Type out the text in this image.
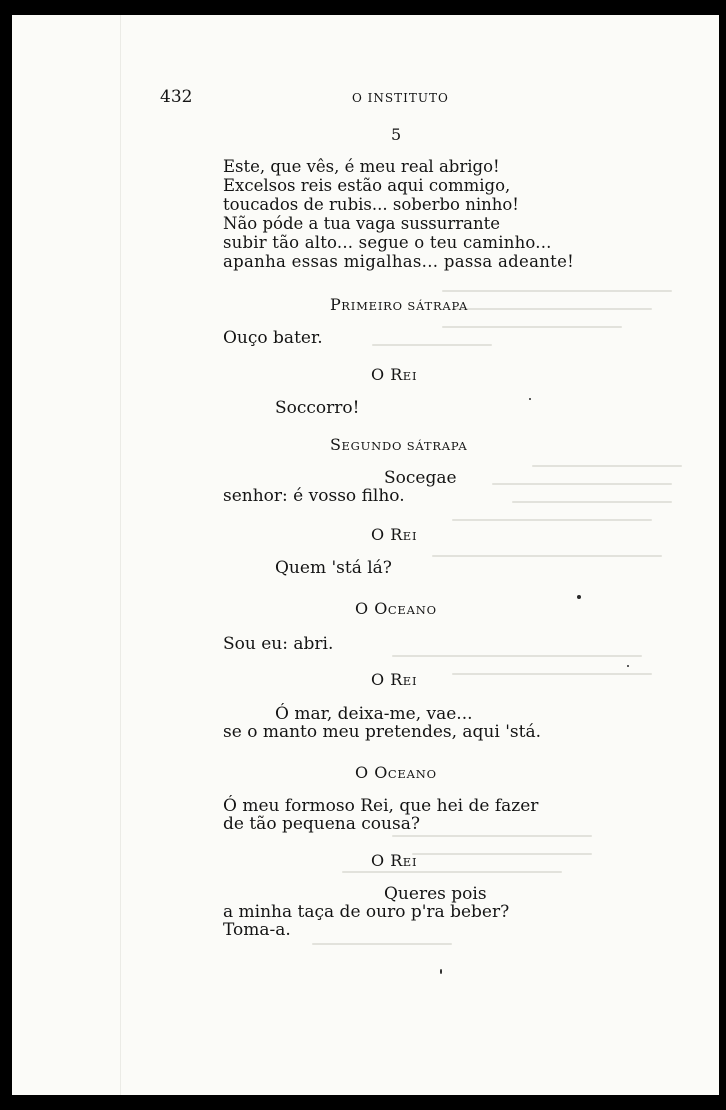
432	O INSTITUTO
5
Este, que vês, é meu real abrigo!
Excelsos reis estão aqui commigo,
toucados de rubis... soberbo ninho!
Não póde a tua vaga sussurrante
subir tão alto... segue o teu caminho...
apanha essas migalhas... passa adeante!
PRIMEIRO SÁTRAPA
Ouço bater.
O REI
Soccorro!
SEGUNDO SÁTRAPA
Socegae
senhor: é vosso filho.
O REI
Quem 'stá lá?
O OCEANO
Sou eu: abri.
O REI
Ó mar, deixa-me, vae...
se o manto meu pretendes, aqui 'stá.
O OCEANO
Ó meu formoso Rei, que hei de fazer
de tão pequena cousa?
O REI
Queres pois
a minha taça de ouro p'ra beber?
Toma-a.
